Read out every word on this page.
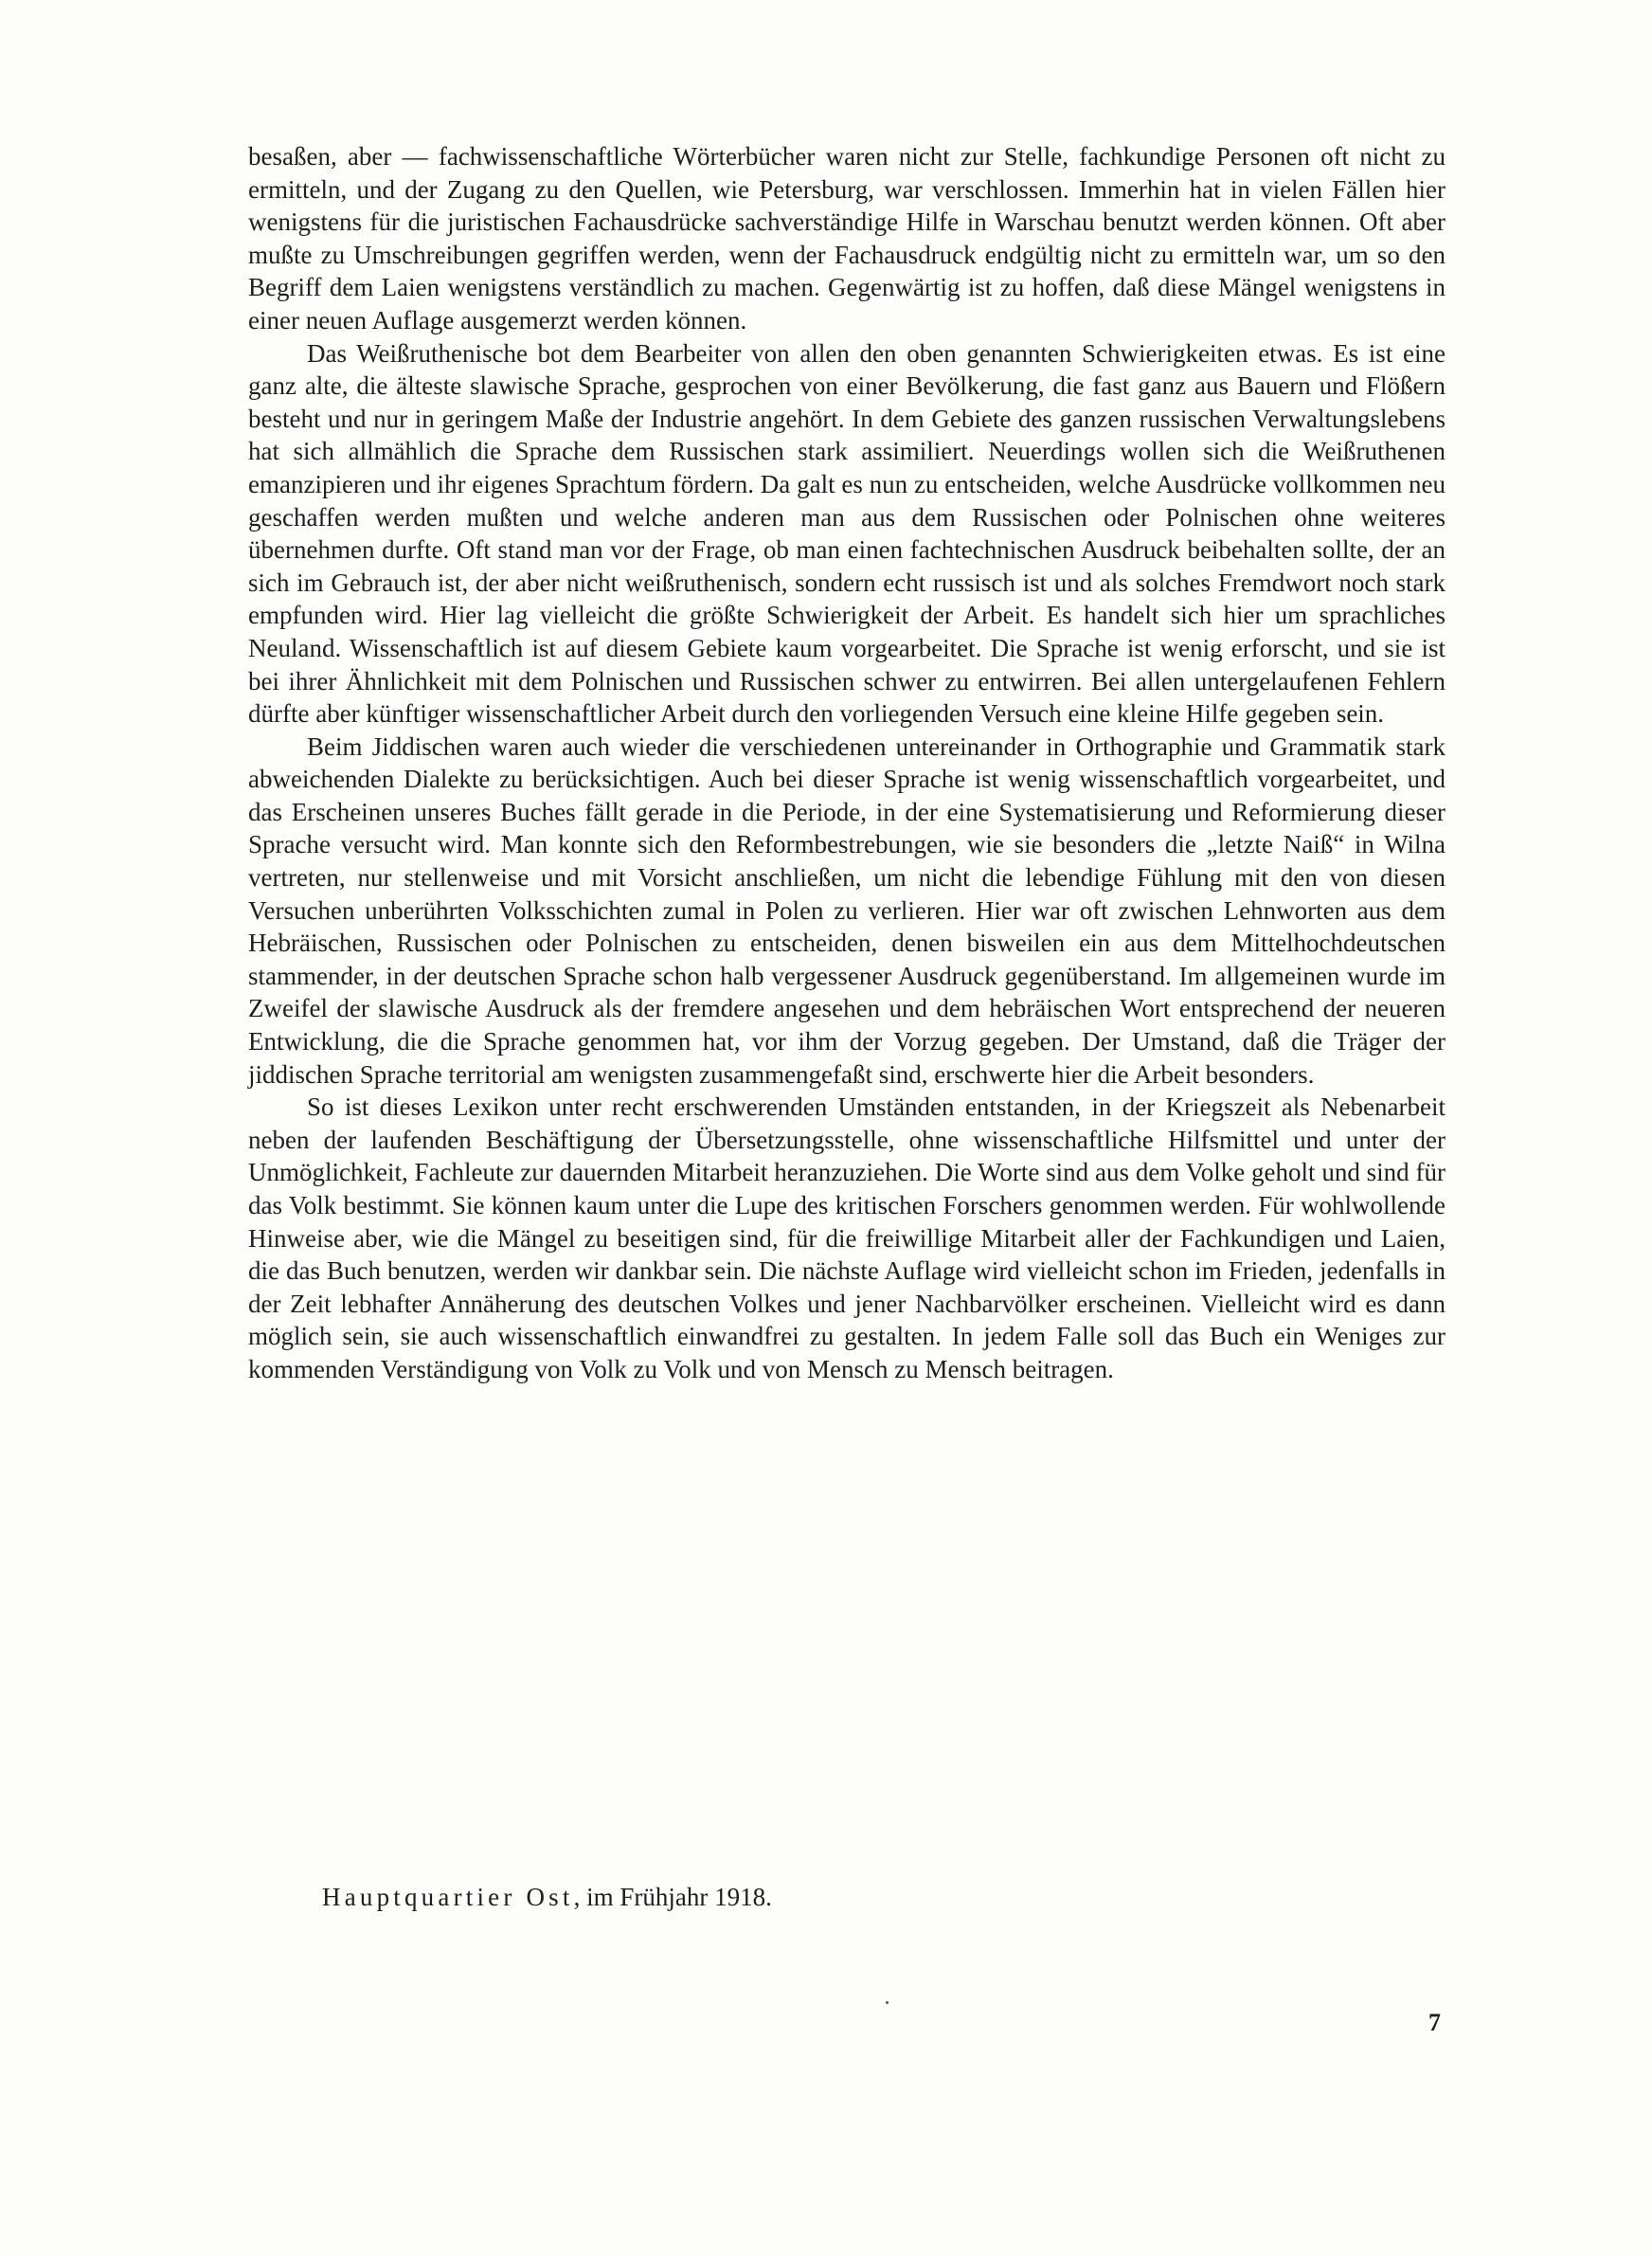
besaßen, aber — fachwissenschaftliche Wörterbücher waren nicht zur Stelle, fachkundige Personen oft nicht zu ermitteln, und der Zugang zu den Quellen, wie Petersburg, war verschlossen. Immerhin hat in vielen Fällen hier wenigstens für die juristischen Fachausdrücke sachverständige Hilfe in Warschau benutzt werden können. Oft aber mußte zu Umschreibungen gegriffen werden, wenn der Fachausdruck endgültig nicht zu ermitteln war, um so den Begriff dem Laien wenigstens verständlich zu machen. Gegenwärtig ist zu hoffen, daß diese Mängel wenigstens in einer neuen Auflage ausgemerzt werden können.

Das Weißruthenische bot dem Bearbeiter von allen den oben genannten Schwierigkeiten etwas. Es ist eine ganz alte, die älteste slawische Sprache, gesprochen von einer Bevölkerung, die fast ganz aus Bauern und Flößern besteht und nur in geringem Maße der Industrie angehört. In dem Gebiete des ganzen russischen Verwaltungslebens hat sich allmählich die Sprache dem Russischen stark assimiliert. Neuerdings wollen sich die Weißruthenen emanzipieren und ihr eigenes Sprachtum fördern. Da galt es nun zu entscheiden, welche Ausdrücke vollkommen neu geschaffen werden mußten und welche anderen man aus dem Russischen oder Polnischen ohne weiteres übernehmen durfte. Oft stand man vor der Frage, ob man einen fachtechnischen Ausdruck beibehalten sollte, der an sich im Gebrauch ist, der aber nicht weißruthenisch, sondern echt russisch ist und als solches Fremdwort noch stark empfunden wird. Hier lag vielleicht die größte Schwierigkeit der Arbeit. Es handelt sich hier um sprachliches Neuland. Wissenschaftlich ist auf diesem Gebiete kaum vorgearbeitet. Die Sprache ist wenig erforscht, und sie ist bei ihrer Ähnlichkeit mit dem Polnischen und Russischen schwer zu entwirren. Bei allen untergelaufenen Fehlern dürfte aber künftiger wissenschaftlicher Arbeit durch den vorliegenden Versuch eine kleine Hilfe gegeben sein.

Beim Jiddischen waren auch wieder die verschiedenen untereinander in Orthographie und Grammatik stark abweichenden Dialekte zu berücksichtigen. Auch bei dieser Sprache ist wenig wissenschaftlich vorgearbeitet, und das Erscheinen unseres Buches fällt gerade in die Periode, in der eine Systematisierung und Reformierung dieser Sprache versucht wird. Man konnte sich den Reformbestrebungen, wie sie besonders die „letzte Naiß“ in Wilna vertreten, nur stellenweise und mit Vorsicht anschließen, um nicht die lebendige Fühlung mit den von diesen Versuchen unberührten Volksschichten zumal in Polen zu verlieren. Hier war oft zwischen Lehnworten aus dem Hebräischen, Russischen oder Polnischen zu entscheiden, denen bisweilen ein aus dem Mittelhochdeutschen stammender, in der deutschen Sprache schon halb vergessener Ausdruck gegenüberstand. Im allgemeinen wurde im Zweifel der slawische Ausdruck als der fremdere angesehen und dem hebräischen Wort entsprechend der neueren Entwicklung, die die Sprache genommen hat, vor ihm der Vorzug gegeben. Der Umstand, daß die Träger der jiddischen Sprache territorial am wenigsten zusammengefaßt sind, erschwerte hier die Arbeit besonders.

So ist dieses Lexikon unter recht erschwerenden Umständen entstanden, in der Kriegszeit als Nebenarbeit neben der laufenden Beschäftigung der Übersetzungsstelle, ohne wissenschaftliche Hilfsmittel und unter der Unmöglichkeit, Fachleute zur dauernden Mitarbeit heranzuziehen. Die Worte sind aus dem Volke geholt und sind für das Volk bestimmt. Sie können kaum unter die Lupe des kritischen Forschers genommen werden. Für wohlwollende Hinweise aber, wie die Mängel zu beseitigen sind, für die freiwillige Mitarbeit aller der Fachkundigen und Laien, die das Buch benutzen, werden wir dankbar sein. Die nächste Auflage wird vielleicht schon im Frieden, jedenfalls in der Zeit lebhafter Annäherung des deutschen Volkes und jener Nachbarvölker erscheinen. Vielleicht wird es dann möglich sein, sie auch wissenschaftlich einwandfrei zu gestalten. In jedem Falle soll das Buch ein Weniges zur kommenden Verständigung von Volk zu Volk und von Mensch zu Mensch beitragen.

Hauptquartier Ost, im Frühjahr 1918.
7
